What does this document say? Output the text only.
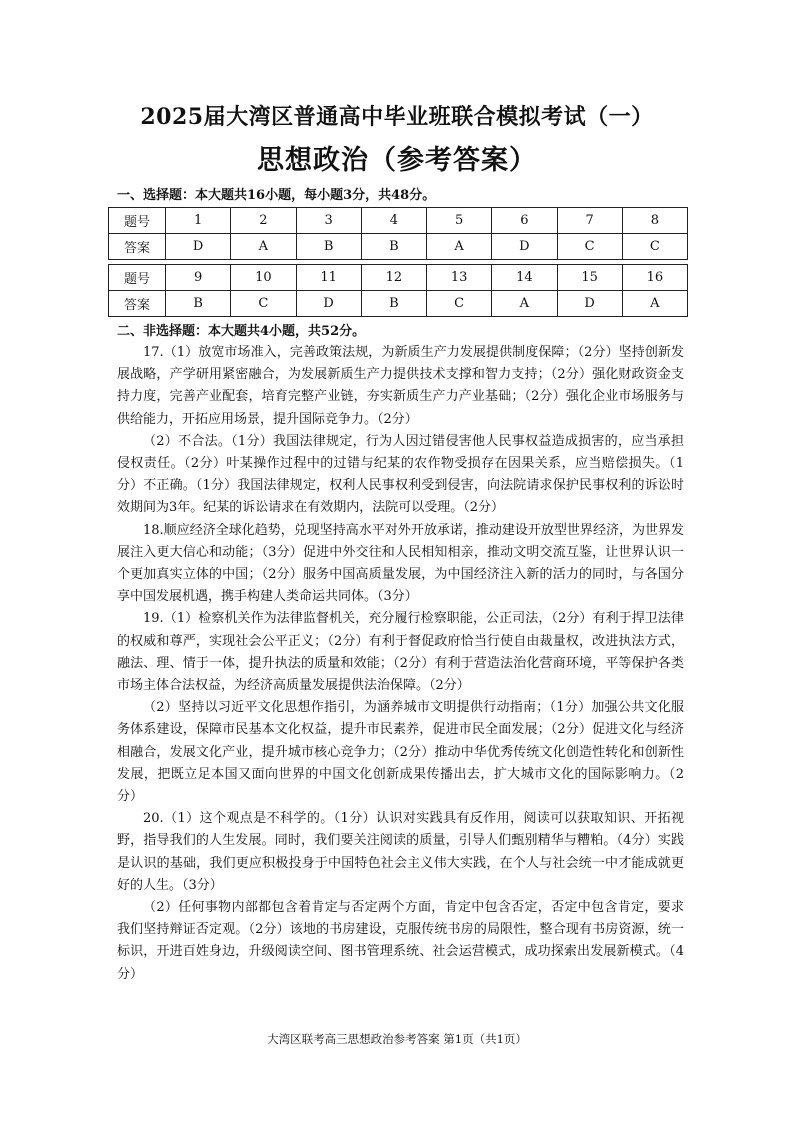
2025届大湾区普通高中毕业班联合模拟考试（一）
思想政治（参考答案）
一、选择题：本大题共16小题，每小题3分，共48分。
题号	1	2	3	4	5	6	7	8
答案	D	A	B	B	A	D	C	C
题号	9	10	11	12	13	14	15	16
答案	B	C	D	B	C	A	D	A
二、非选择题：本大题共4小题，共52分。

17.（1）放宽市场准入，完善政策法规，为新质生产力发展提供制度保障；（2分）坚持创新发展战略，产学研用紧密融合，为发展新质生产力提供技术支撑和智力支持；（2分）强化财政资金支持力度，完善产业配套，培育完整产业链，夯实新质生产力产业基础；（2分）强化企业市场服务与供给能力，开拓应用场景，提升国际竞争力。（2分）

（2）不合法。（1分）我国法律规定，行为人因过错侵害他人民事权益造成损害的，应当承担侵权责任。（2分）叶某操作过程中的过错与纪某的农作物受损存在因果关系，应当赔偿损失。（1分）不正确。（1分）我国法律规定，权利人民事权利受到侵害，向法院请求保护民事权利的诉讼时效期间为3年。纪某的诉讼请求在有效期内，法院可以受理。（2分）

18.顺应经济全球化趋势，兑现坚持高水平对外开放承诺，推动建设开放型世界经济，为世界发展注入更大信心和动能；（3分）促进中外交往和人民相知相亲，推动文明交流互鉴，让世界认识一个更加真实立体的中国；（2分）服务中国高质量发展，为中国经济注入新的活力的同时，与各国分享中国发展机遇，携手构建人类命运共同体。（3分）

19.（1）检察机关作为法律监督机关，充分履行检察职能，公正司法，（2分）有利于捍卫法律的权威和尊严，实现社会公平正义；（2分）有利于督促政府恰当行使自由裁量权，改进执法方式，融法、理、情于一体，提升执法的质量和效能；（2分）有利于营造法治化营商环境，平等保护各类市场主体合法权益，为经济高质量发展提供法治保障。（2分）

（2）坚持以习近平文化思想作指引，为涵养城市文明提供行动指南；（1分）加强公共文化服务体系建设，保障市民基本文化权益，提升市民素养，促进市民全面发展；（2分）促进文化与经济相融合，发展文化产业，提升城市核心竞争力；（2分）推动中华优秀传统文化创造性转化和创新性发展，把既立足本国又面向世界的中国文化创新成果传播出去，扩大城市文化的国际影响力。（2分）

20.（1）这个观点是不科学的。（1分）认识对实践具有反作用，阅读可以获取知识、开拓视野，指导我们的人生发展。同时，我们要关注阅读的质量，引导人们甄别精华与糟粕。（4分）实践是认识的基础，我们更应积极投身于中国特色社会主义伟大实践，在个人与社会统一中才能成就更好的人生。（3分）

（2）任何事物内部都包含着肯定与否定两个方面，肯定中包含否定，否定中包含肯定，要求我们坚持辩证否定观。（2分）该地的书房建设，克服传统书房的局限性，整合现有书房资源，统一标识，开进百姓身边，升级阅读空间、图书管理系统、社会运营模式，成功探索出发展新模式。（4分）

大湾区联考高三思想政治参考答案 第1页（共1页）
